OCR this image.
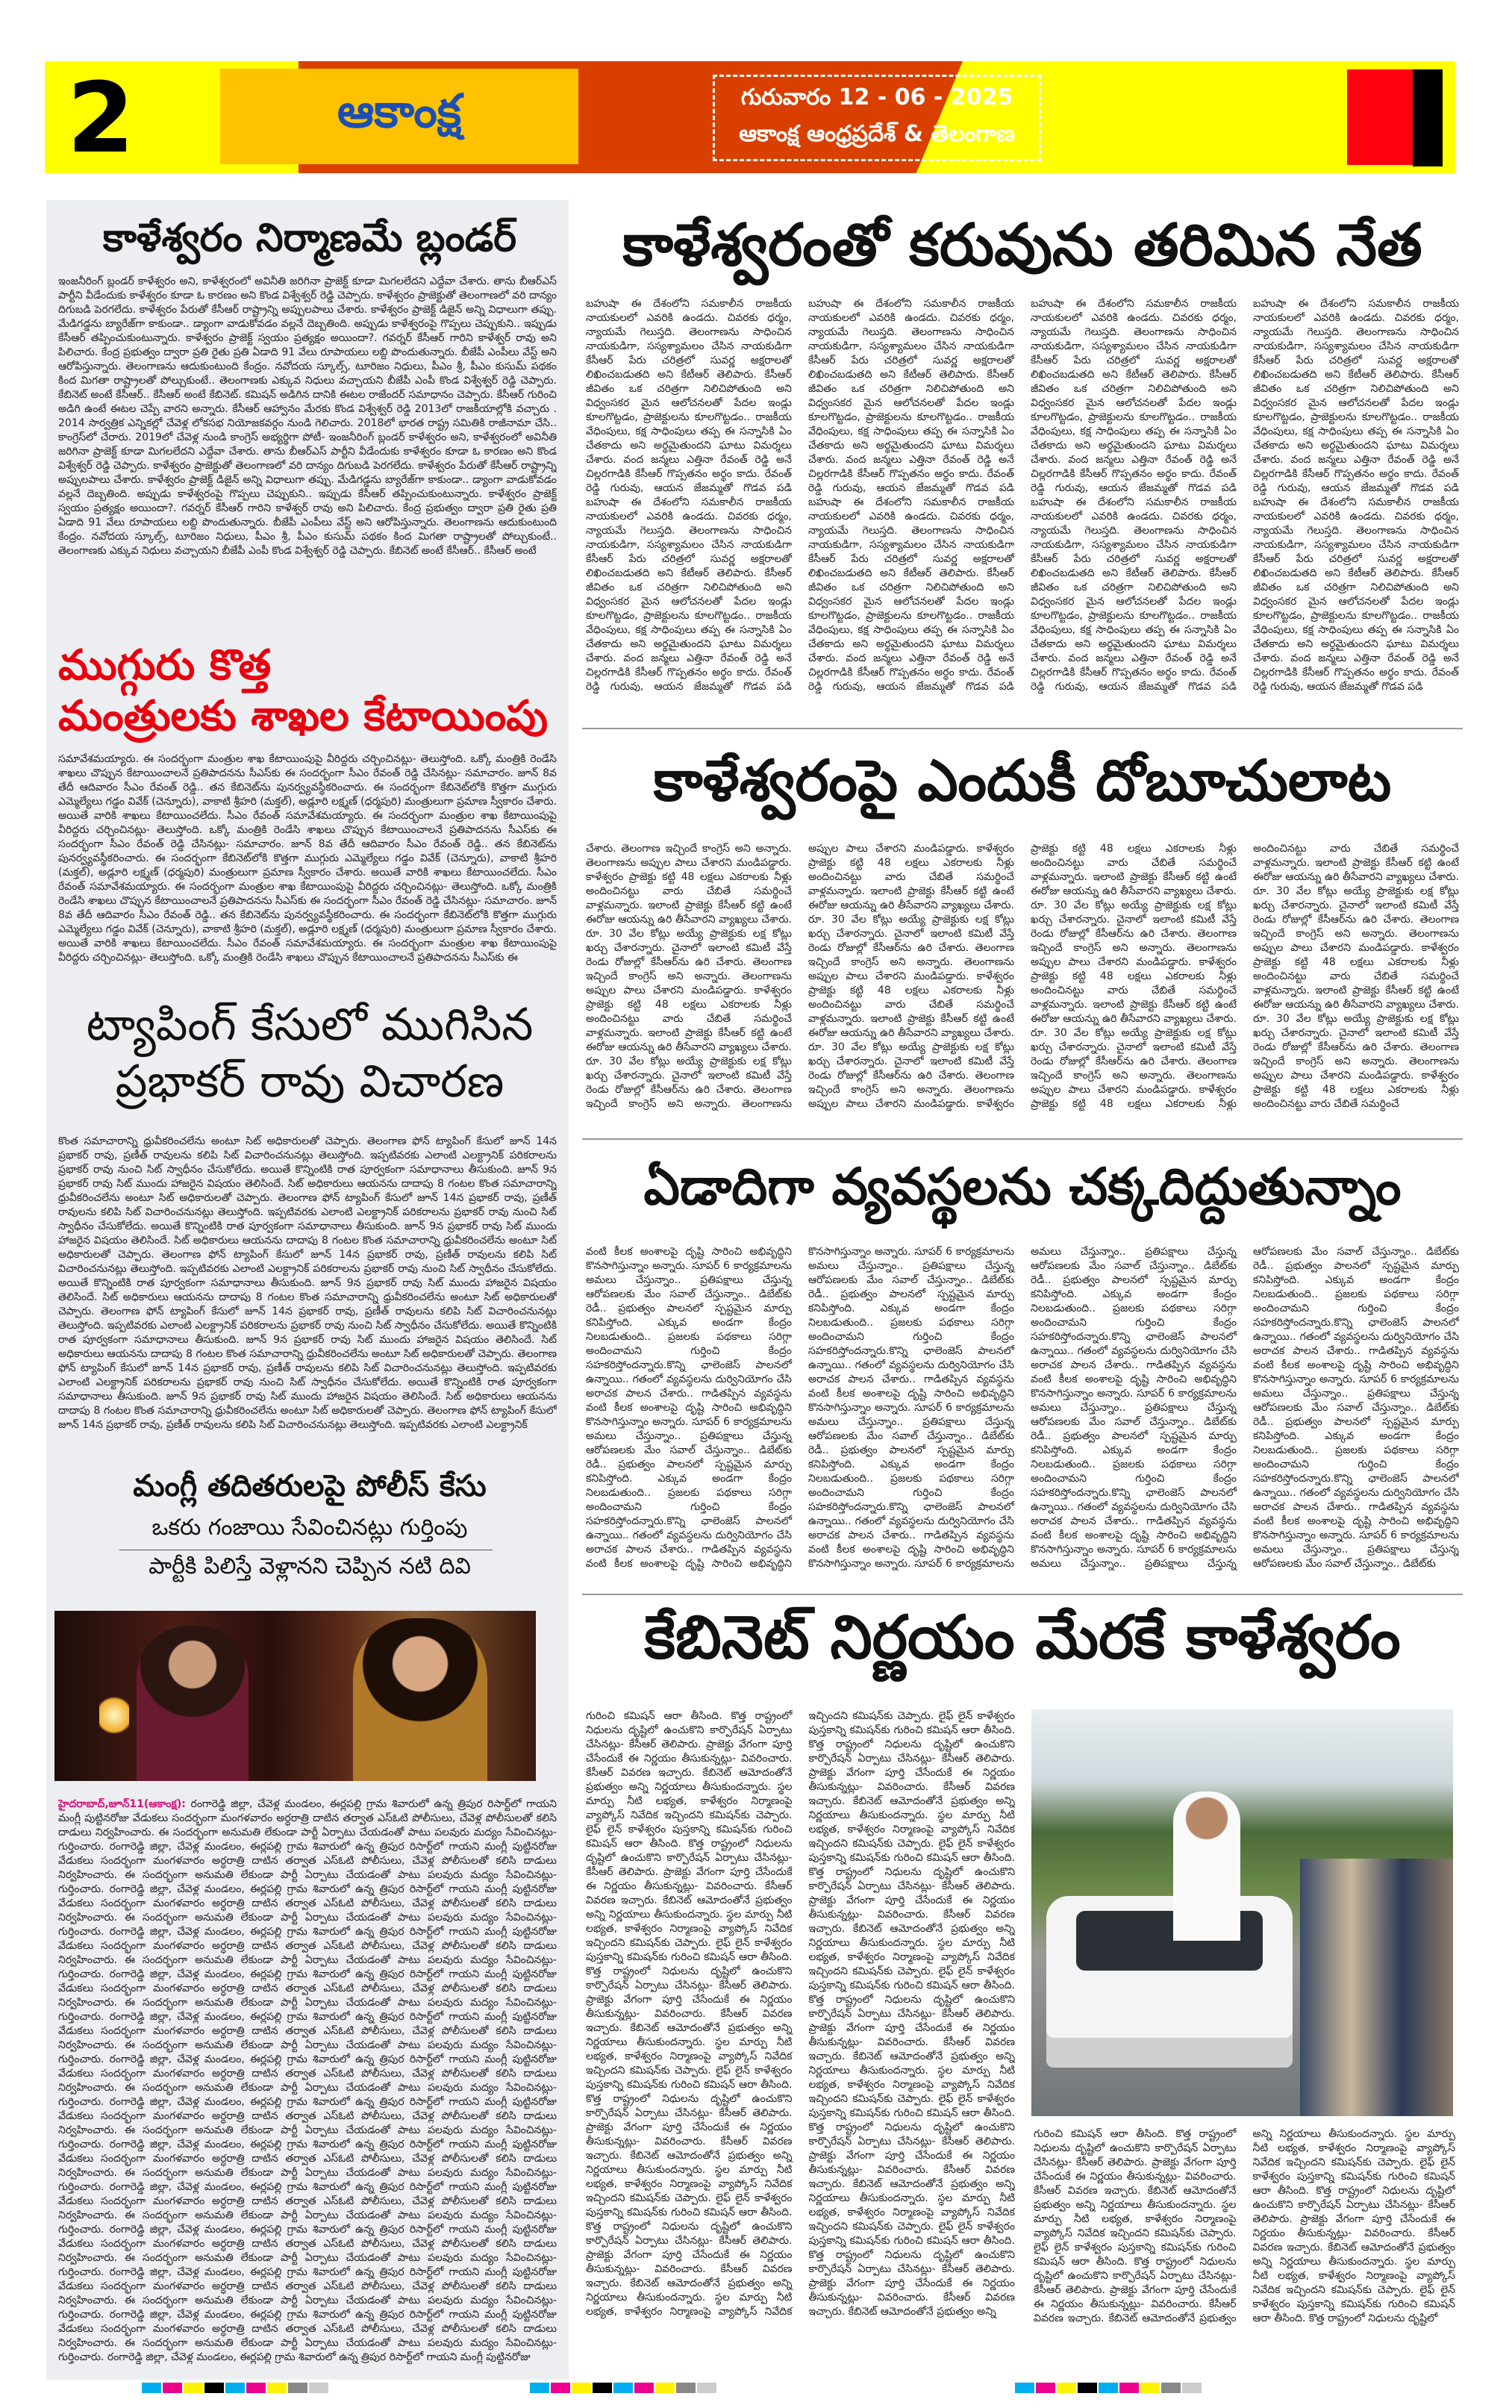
2	ఆకాంక్ష	గురువారం 12 - 06 - 2025
ఆకాంక్ష ఆంధ్రప్రదేశ్ & తెలంగాణ
కాళేశ్వరం నిర్మాణమే బ్లండర్
ఇంజనీరింగ్ బ్లండర్ కాళేశ్వరం అని, కాళేశ్వరంలో అవినీతి జరిగినా ప్రాజెక్ట్ కూడా మిగలలేదని ఎద్దేవా చేశారు. తాను బీఆర్ఎస్ పార్టీని వీడేందుకు కాళేశ్వరం కూడా ఓ కారణం అని కొండ విశ్వేశ్వర్ రెడ్డి చెప్పారు. కాళేశ్వరం ప్రాజెక్టుతో తెలంగాణలో వరి దాన్యం దిగుబడి పెరగలేదు. కాళేశ్వరం పేరుతో కేసీఆర్ రాష్ట్రాన్ని అప్పులపాలు చేశారు. కాళేశ్వరం ప్రాజెక్ట్ డిజైన్ అన్ని విధాలుగా తప్పు. మేడిగడ్డను బ్యారేజ్‌గా కాకుండా.. డ్యాంగా వాడుకోవడం వల్లనే దెబ్బతింది. అప్పుడు కాళేశ్వరంపై గొప్పలు చెప్పుకుని.. ఇప్పుడు కేసీఆర్ తప్పించుకుంటున్నారు. కాళేశ్వరం ప్రాజెక్ట్ స్వయం ప్రత్యక్షం అయిందా?. గవర్నర్ కేసీఆర్ గారిని కాళేశ్వర్ రావు అని పిలిచారు. కేంద్ర ప్రభుత్వం ద్వారా ప్రతి రైతు ప్రతి ఏడాది 91 వేలు రూపాయలు లబ్ది పొందుతున్నారు. బీజేపీ ఎంపీలు వేస్ట్ అని ఆరోపిస్తున్నారు. తెలంగాణను ఆదుకుంటుంది కేంద్రం. నవోదయ స్కూల్స్, టూరిజం నిధులు, పీఎం శ్రీ, పీఎం కుసుమ్ పథకం కింద మిగతా రాష్ట్రాలతో పోల్చుకుంటే.. తెలంగాణకు ఎక్కువ నిధులు వచ్చాయని బీజేపీ ఎంపీ కొండ విశ్వేశ్వర్ రెడ్డి చెప్పారు. కేబినెట్ అంటే కేసీఆర్.. కేసీఆర్ అంటే కేబినెట్. కమిషన్ అడిగిన దానికి ఈటల రాజేందర్ సమాధానం చెప్పారు. కేసీఆర్ గురించి అడిగి ఉంటే ఈటల చెప్పే వారని అన్నారు. కేసీఆర్ ఆహ్వానం మేరకు కొండ విశ్వేశ్వర్ రెడ్డి 2013లో రాజకీయాల్లోకి వచ్చారు . 2014 సార్వత్రిక ఎన్నికల్లో చేవెళ్ల లోకసభ నియోజకవర్గం నుండి గెలిచారు. 2018లో భారత రాష్ట్ర సమితికి రాజీనామా చేసి.. కాంగ్రెస్‌లో చేరారు. 2019లో చేవెళ్ల నుండి కాంగ్రెస్ అభ్యర్థిగా పోటీ- ఇంజనీరింగ్ బ్లండర్ కాళేశ్వరం అని, కాళేశ్వరంలో అవినీతి జరిగినా ప్రాజెక్ట్ కూడా మిగలలేదని ఎద్దేవా చేశారు. తాను బీఆర్ఎస్ పార్టీని వీడేందుకు కాళేశ్వరం కూడా ఓ కారణం అని కొండ విశ్వేశ్వర్ రెడ్డి చెప్పారు. కాళేశ్వరం ప్రాజెక్టుతో తెలంగాణలో వరి దాన్యం దిగుబడి పెరగలేదు. కాళేశ్వరం పేరుతో కేసీఆర్ రాష్ట్రాన్ని అప్పులపాలు చేశారు. కాళేశ్వరం ప్రాజెక్ట్ డిజైన్ అన్ని విధాలుగా తప్పు. మేడిగడ్డను బ్యారేజ్‌గా కాకుండా.. డ్యాంగా వాడుకోవడం వల్లనే దెబ్బతింది. అప్పుడు కాళేశ్వరంపై గొప్పలు చెప్పుకుని.. ఇప్పుడు కేసీఆర్ తప్పించుకుంటున్నారు. కాళేశ్వరం ప్రాజెక్ట్ స్వయం ప్రత్యక్షం అయిందా?. గవర్నర్ కేసీఆర్ గారిని కాళేశ్వర్ రావు అని పిలిచారు. కేంద్ర ప్రభుత్వం ద్వారా ప్రతి రైతు ప్రతి ఏడాది 91 వేలు రూపాయలు లబ్ది పొందుతున్నారు. బీజేపీ ఎంపీలు వేస్ట్ అని ఆరోపిస్తున్నారు. తెలంగాణను ఆదుకుంటుంది కేంద్రం. నవోదయ స్కూల్స్, టూరిజం నిధులు, పీఎం శ్రీ, పీఎం కుసుమ్ పథకం కింద మిగతా రాష్ట్రాలతో పోల్చుకుంటే.. తెలంగాణకు ఎక్కువ నిధులు వచ్చాయని బీజేపీ ఎంపీ కొండ విశ్వేశ్వర్ రెడ్డి చెప్పారు. కేబినెట్ అంటే కేసీఆర్.. కేసీఆర్ అంటే
ముగ్గురు కొత్త
మంత్రులకు శాఖల కేటాయింపు
సమావేశమయ్యారు. ఈ సందర్భంగా మంత్రుల శాఖ కేటాయింపుపై వీరిద్దరు చర్చించినట్లు- తెలుస్తోంది. ఒక్కో మంత్రికి రెండేసి శాఖలు చొప్పున కేటాయించాలనే ప్రతిపాదనను సీఎస్‌కు ఈ సందర్భంగా సీఎం రేవంత్ రెడ్డి చేసినట్లు- సమాచారం. జూన్ 8వ తేదీ ఆదివారం సీఎం రేవంత్ రెడ్డి.. తన కేబినెట్‌ను పునర్వ్యవస్థీకరించారు. ఈ సందర్భంగా కేబినెట్‌లోకి కొత్తగా ముగ్గురు ఎమ్మెల్యేలు గడ్డం వివేక్ (చెన్నూరు), వాకాటి శ్రీహరి (మక్తల్), అడ్లూరి లక్ష్మణ్ (ధర్మపురి) మంత్రులుగా ప్రమాణ స్వీకారం చేశారు. అయితే వారికి శాఖలు కేటాయించలేదు. సీఎం రేవంత్ సమావేశమయ్యారు. ఈ సందర్భంగా మంత్రుల శాఖ కేటాయింపుపై వీరిద్దరు చర్చించినట్లు- తెలుస్తోంది. ఒక్కో మంత్రికి రెండేసి శాఖలు చొప్పున కేటాయించాలనే ప్రతిపాదనను సీఎస్‌కు ఈ సందర్భంగా సీఎం రేవంత్ రెడ్డి చేసినట్లు- సమాచారం. జూన్ 8వ తేదీ ఆదివారం సీఎం రేవంత్ రెడ్డి.. తన కేబినెట్‌ను పునర్వ్యవస్థీకరించారు. ఈ సందర్భంగా కేబినెట్‌లోకి కొత్తగా ముగ్గురు ఎమ్మెల్యేలు గడ్డం వివేక్ (చెన్నూరు), వాకాటి శ్రీహరి (మక్తల్), అడ్లూరి లక్ష్మణ్ (ధర్మపురి) మంత్రులుగా ప్రమాణ స్వీకారం చేశారు. అయితే వారికి శాఖలు కేటాయించలేదు. సీఎం రేవంత్ సమావేశమయ్యారు. ఈ సందర్భంగా మంత్రుల శాఖ కేటాయింపుపై వీరిద్దరు చర్చించినట్లు- తెలుస్తోంది. ఒక్కో మంత్రికి రెండేసి శాఖలు చొప్పున కేటాయించాలనే ప్రతిపాదనను సీఎస్‌కు ఈ సందర్భంగా సీఎం రేవంత్ రెడ్డి చేసినట్లు- సమాచారం. జూన్ 8వ తేదీ ఆదివారం సీఎం రేవంత్ రెడ్డి.. తన కేబినెట్‌ను పునర్వ్యవస్థీకరించారు. ఈ సందర్భంగా కేబినెట్‌లోకి కొత్తగా ముగ్గురు ఎమ్మెల్యేలు గడ్డం వివేక్ (చెన్నూరు), వాకాటి శ్రీహరి (మక్తల్), అడ్లూరి లక్ష్మణ్ (ధర్మపురి) మంత్రులుగా ప్రమాణ స్వీకారం చేశారు. అయితే వారికి శాఖలు కేటాయించలేదు. సీఎం రేవంత్ సమావేశమయ్యారు. ఈ సందర్భంగా మంత్రుల శాఖ కేటాయింపుపై వీరిద్దరు చర్చించినట్లు- తెలుస్తోంది. ఒక్కో మంత్రికి రెండేసి శాఖలు చొప్పున కేటాయించాలనే ప్రతిపాదనను సీఎస్‌కు ఈ
ట్యాపింగ్ కేసులో ముగిసిన
ప్రభాకర్ రావు విచారణ
కొంత సమాచారాన్ని ధ్రువీకరించలేను అంటూ సిట్ అధికారులతో చెప్పారు. తెలంగాణ ఫోన్ ట్యాపింగ్ కేసులో జూన్ 14న ప్రభాకర్ రావు, ప్రణీత్ రావులను కలిపి సిట్ విచారించనునట్లు తెలుస్తోంది. ఇప్పటివరకు ఎలాంటి ఎలక్ట్రానిక్ పరికరాలను ప్రభాకర్ రావు నుంచి సిట్ స్వాధీనం చేసుకోలేదు. అయితే కొన్నింటికి రాత పూర్వకంగా సమాధానాలు తీసుకుంది. జూన్ 9న ప్రభాకర్ రావు సిట్ ముందు హాజరైన విషయం తెలిసిందే. సిట్ అధికారులు ఆయనను దాదాపు 8 గంటల కొంత సమాచారాన్ని ధ్రువీకరించలేను అంటూ సిట్ అధికారులతో చెప్పారు. తెలంగాణ ఫోన్ ట్యాపింగ్ కేసులో జూన్ 14న ప్రభాకర్ రావు, ప్రణీత్ రావులను కలిపి సిట్ విచారించనునట్లు తెలుస్తోంది. ఇప్పటివరకు ఎలాంటి ఎలక్ట్రానిక్ పరికరాలను ప్రభాకర్ రావు నుంచి సిట్ స్వాధీనం చేసుకోలేదు. అయితే కొన్నింటికి రాత పూర్వకంగా సమాధానాలు తీసుకుంది. జూన్ 9న ప్రభాకర్ రావు సిట్ ముందు హాజరైన విషయం తెలిసిందే. సిట్ అధికారులు ఆయనను దాదాపు 8 గంటల కొంత సమాచారాన్ని ధ్రువీకరించలేను అంటూ సిట్ అధికారులతో చెప్పారు. తెలంగాణ ఫోన్ ట్యాపింగ్ కేసులో జూన్ 14న ప్రభాకర్ రావు, ప్రణీత్ రావులను కలిపి సిట్ విచారించనునట్లు తెలుస్తోంది. ఇప్పటివరకు ఎలాంటి ఎలక్ట్రానిక్ పరికరాలను ప్రభాకర్ రావు నుంచి సిట్ స్వాధీనం చేసుకోలేదు. అయితే కొన్నింటికి రాత పూర్వకంగా సమాధానాలు తీసుకుంది. జూన్ 9న ప్రభాకర్ రావు సిట్ ముందు హాజరైన విషయం తెలిసిందే. సిట్ అధికారులు ఆయనను దాదాపు 8 గంటల కొంత సమాచారాన్ని ధ్రువీకరించలేను అంటూ సిట్ అధికారులతో చెప్పారు. తెలంగాణ ఫోన్ ట్యాపింగ్ కేసులో జూన్ 14న ప్రభాకర్ రావు, ప్రణీత్ రావులను కలిపి సిట్ విచారించనునట్లు తెలుస్తోంది. ఇప్పటివరకు ఎలాంటి ఎలక్ట్రానిక్ పరికరాలను ప్రభాకర్ రావు నుంచి సిట్ స్వాధీనం చేసుకోలేదు. అయితే కొన్నింటికి రాత పూర్వకంగా సమాధానాలు తీసుకుంది. జూన్ 9న ప్రభాకర్ రావు సిట్ ముందు హాజరైన విషయం తెలిసిందే. సిట్ అధికారులు ఆయనను దాదాపు 8 గంటల కొంత సమాచారాన్ని ధ్రువీకరించలేను అంటూ సిట్ అధికారులతో చెప్పారు. తెలంగాణ ఫోన్ ట్యాపింగ్ కేసులో జూన్ 14న ప్రభాకర్ రావు, ప్రణీత్ రావులను కలిపి సిట్ విచారించనునట్లు తెలుస్తోంది. ఇప్పటివరకు ఎలాంటి ఎలక్ట్రానిక్ పరికరాలను ప్రభాకర్ రావు నుంచి సిట్ స్వాధీనం చేసుకోలేదు. అయితే కొన్నింటికి రాత పూర్వకంగా సమాధానాలు తీసుకుంది. జూన్ 9న ప్రభాకర్ రావు సిట్ ముందు హాజరైన విషయం తెలిసిందే. సిట్ అధికారులు ఆయనను దాదాపు 8 గంటల కొంత సమాచారాన్ని ధ్రువీకరించలేను అంటూ సిట్ అధికారులతో చెప్పారు. తెలంగాణ ఫోన్ ట్యాపింగ్ కేసులో జూన్ 14న ప్రభాకర్ రావు, ప్రణీత్ రావులను కలిపి సిట్ విచారించనునట్లు తెలుస్తోంది. ఇప్పటివరకు ఎలాంటి ఎలక్ట్రానిక్
మంగ్లీ తదితరులపై పోలీస్ కేసు
ఒకరు గంజాయి సేవించినట్లు గుర్తింపు
పార్టీకి పిలిస్తే వెళ్లానని చెప్పిన నటి దివి
హైదరాబాద్,జూన్11(ఆకాంక్ష): రంగారెడ్డి జిల్లా, చేవెళ్ల మండలం, ఈర్లపల్లి గ్రామ శివారులో ఉన్న త్రిపుర రిసార్ట్‌లో గాయని మంగ్లీ పుట్టినరోజు వేడుకలు సందర్భంగా మంగళవారం అర్ధరాత్రి దాటిన తర్వాత ఎస్‌ఓటి పోలీసులు, చేవెళ్ల పోలీసులతో కలిసి దాడులు నిర్వహించారు. ఈ సందర్భంగా అనుమతి లేకుండా పార్టీ ఏర్పాటు చేయడంతో పాటు పలవురు మద్యం సేవించినట్లు- గుర్తించారు. రంగారెడ్డి జిల్లా, చేవెళ్ల మండలం, ఈర్లపల్లి గ్రామ శివారులో ఉన్న త్రిపుర రిసార్ట్‌లో గాయని మంగ్లీ పుట్టినరోజు వేడుకలు సందర్భంగా మంగళవారం అర్ధరాత్రి దాటిన తర్వాత ఎస్‌ఓటి పోలీసులు, చేవెళ్ల పోలీసులతో కలిసి దాడులు నిర్వహించారు. ఈ సందర్భంగా అనుమతి లేకుండా పార్టీ ఏర్పాటు చేయడంతో పాటు పలవురు మద్యం సేవించినట్లు- గుర్తించారు. రంగారెడ్డి జిల్లా, చేవెళ్ల మండలం, ఈర్లపల్లి గ్రామ శివారులో ఉన్న త్రిపుర రిసార్ట్‌లో గాయని మంగ్లీ పుట్టినరోజు వేడుకలు సందర్భంగా మంగళవారం అర్ధరాత్రి దాటిన తర్వాత ఎస్‌ఓటి పోలీసులు, చేవెళ్ల పోలీసులతో కలిసి దాడులు నిర్వహించారు. ఈ సందర్భంగా అనుమతి లేకుండా పార్టీ ఏర్పాటు చేయడంతో పాటు పలవురు మద్యం సేవించినట్లు- గుర్తించారు. రంగారెడ్డి జిల్లా, చేవెళ్ల మండలం, ఈర్లపల్లి గ్రామ శివారులో ఉన్న త్రిపుర రిసార్ట్‌లో గాయని మంగ్లీ పుట్టినరోజు వేడుకలు సందర్భంగా మంగళవారం అర్ధరాత్రి దాటిన తర్వాత ఎస్‌ఓటి పోలీసులు, చేవెళ్ల పోలీసులతో కలిసి దాడులు నిర్వహించారు. ఈ సందర్భంగా అనుమతి లేకుండా పార్టీ ఏర్పాటు చేయడంతో పాటు పలవురు మద్యం సేవించినట్లు- గుర్తించారు. రంగారెడ్డి జిల్లా, చేవెళ్ల మండలం, ఈర్లపల్లి గ్రామ శివారులో ఉన్న త్రిపుర రిసార్ట్‌లో గాయని మంగ్లీ పుట్టినరోజు వేడుకలు సందర్భంగా మంగళవారం అర్ధరాత్రి దాటిన తర్వాత ఎస్‌ఓటి పోలీసులు, చేవెళ్ల పోలీసులతో కలిసి దాడులు నిర్వహించారు. ఈ సందర్భంగా అనుమతి లేకుండా పార్టీ ఏర్పాటు చేయడంతో పాటు పలవురు మద్యం సేవించినట్లు- గుర్తించారు. రంగారెడ్డి జిల్లా, చేవెళ్ల మండలం, ఈర్లపల్లి గ్రామ శివారులో ఉన్న త్రిపుర రిసార్ట్‌లో గాయని మంగ్లీ పుట్టినరోజు వేడుకలు సందర్భంగా మంగళవారం అర్ధరాత్రి దాటిన తర్వాత ఎస్‌ఓటి పోలీసులు, చేవెళ్ల పోలీసులతో కలిసి దాడులు నిర్వహించారు. ఈ సందర్భంగా అనుమతి లేకుండా పార్టీ ఏర్పాటు చేయడంతో పాటు పలవురు మద్యం సేవించినట్లు- గుర్తించారు. రంగారెడ్డి జిల్లా, చేవెళ్ల మండలం, ఈర్లపల్లి గ్రామ శివారులో ఉన్న త్రిపుర రిసార్ట్‌లో గాయని మంగ్లీ పుట్టినరోజు వేడుకలు సందర్భంగా మంగళవారం అర్ధరాత్రి దాటిన తర్వాత ఎస్‌ఓటి పోలీసులు, చేవెళ్ల పోలీసులతో కలిసి దాడులు నిర్వహించారు. ఈ సందర్భంగా అనుమతి లేకుండా పార్టీ ఏర్పాటు చేయడంతో పాటు పలవురు మద్యం సేవించినట్లు- గుర్తించారు. రంగారెడ్డి జిల్లా, చేవెళ్ల మండలం, ఈర్లపల్లి గ్రామ శివారులో ఉన్న త్రిపుర రిసార్ట్‌లో గాయని మంగ్లీ పుట్టినరోజు వేడుకలు సందర్భంగా మంగళవారం అర్ధరాత్రి దాటిన తర్వాత ఎస్‌ఓటి పోలీసులు, చేవెళ్ల పోలీసులతో కలిసి దాడులు నిర్వహించారు. ఈ సందర్భంగా అనుమతి లేకుండా పార్టీ ఏర్పాటు చేయడంతో పాటు పలవురు మద్యం సేవించినట్లు- గుర్తించారు. రంగారెడ్డి జిల్లా, చేవెళ్ల మండలం, ఈర్లపల్లి గ్రామ శివారులో ఉన్న త్రిపుర రిసార్ట్‌లో గాయని మంగ్లీ పుట్టినరోజు వేడుకలు సందర్భంగా మంగళవారం అర్ధరాత్రి దాటిన తర్వాత ఎస్‌ఓటి పోలీసులు, చేవెళ్ల పోలీసులతో కలిసి దాడులు నిర్వహించారు. ఈ సందర్భంగా అనుమతి లేకుండా పార్టీ ఏర్పాటు చేయడంతో పాటు పలవురు మద్యం సేవించినట్లు- గుర్తించారు. రంగారెడ్డి జిల్లా, చేవెళ్ల మండలం, ఈర్లపల్లి గ్రామ శివారులో ఉన్న త్రిపుర రిసార్ట్‌లో గాయని మంగ్లీ పుట్టినరోజు వేడుకలు సందర్భంగా మంగళవారం అర్ధరాత్రి దాటిన తర్వాత ఎస్‌ఓటి పోలీసులు, చేవెళ్ల పోలీసులతో కలిసి దాడులు నిర్వహించారు. ఈ సందర్భంగా అనుమతి లేకుండా పార్టీ ఏర్పాటు చేయడంతో పాటు పలవురు మద్యం సేవించినట్లు- గుర్తించారు. రంగారెడ్డి జిల్లా, చేవెళ్ల మండలం, ఈర్లపల్లి గ్రామ శివారులో ఉన్న త్రిపుర రిసార్ట్‌లో గాయని మంగ్లీ పుట్టినరోజు వేడుకలు సందర్భంగా మంగళవారం అర్ధరాత్రి దాటిన తర్వాత ఎస్‌ఓటి పోలీసులు, చేవెళ్ల పోలీసులతో కలిసి దాడులు నిర్వహించారు. ఈ సందర్భంగా అనుమతి లేకుండా పార్టీ ఏర్పాటు చేయడంతో పాటు పలవురు మద్యం సేవించినట్లు- గుర్తించారు. రంగారెడ్డి జిల్లా, చేవెళ్ల మండలం, ఈర్లపల్లి గ్రామ శివారులో ఉన్న త్రిపుర రిసార్ట్‌లో గాయని మంగ్లీ పుట్టినరోజు వేడుకలు సందర్భంగా మంగళవారం అర్ధరాత్రి దాటిన తర్వాత ఎస్‌ఓటి పోలీసులు, చేవెళ్ల పోలీసులతో కలిసి దాడులు నిర్వహించారు. ఈ సందర్భంగా అనుమతి లేకుండా పార్టీ ఏర్పాటు చేయడంతో పాటు పలవురు మద్యం సేవించినట్లు- గుర్తించారు. రంగారెడ్డి జిల్లా, చేవెళ్ల మండలం, ఈర్లపల్లి గ్రామ శివారులో ఉన్న త్రిపుర రిసార్ట్‌లో గాయని మంగ్లీ పుట్టినరోజు వేడుకలు సందర్భంగా మంగళవారం అర్ధరాత్రి దాటిన తర్వాత ఎస్‌ఓటి పోలీసులు, చేవెళ్ల పోలీసులతో కలిసి దాడులు నిర్వహించారు. ఈ సందర్భంగా అనుమతి లేకుండా పార్టీ ఏర్పాటు చేయడంతో పాటు పలవురు మద్యం సేవించినట్లు- గుర్తించారు. రంగారెడ్డి జిల్లా, చేవెళ్ల మండలం, ఈర్లపల్లి గ్రామ శివారులో ఉన్న త్రిపుర రిసార్ట్‌లో గాయని మంగ్లీ పుట్టినరోజు
కాళేశ్వరంతో కరువును తరిమిన నేత
బహుషా ఈ దేశంలోని సమకాలీన రాజకీయ నాయకులలో ఎవరికి ఉండదు. చివరకు ధర్మం, న్యాయమే గెలుస్తది. తెలంగాణను సాధించిన నాయకుడిగా, సస్యశ్యామలం చేసిన నాయకుడిగా కేసీఆర్ పేరు చరిత్రలో సువర్ణ అక్షరాలతో లిఖించబడుతది అని కేటీఆర్ తెలిపారు. కేసీఆర్ జీవితం ఒక చరిత్రగా నిలిచిపోతుంది అని విధ్వంసకర మైన ఆలోచనలతో పేదల ఇండ్లు కూలగొట్టడం, ప్రాజెక్టులను కూలగొట్టడం.. రాజకీయ వేధింపులు, కక్ష సాధింపులు తప్ప ఈ సన్నాసికి ఏం చేతకాదు అని అర్థమైతుందని ఘాటు విమర్శలు చేశారు. వంద జన్మలు ఎత్తినా రేవంత్ రెడ్డి అనే చిల్లరగాడికి కేసీఆర్ గొప్పతనం అర్థం కాదు. రేవంత్ రెడ్డి గురువు, ఆయన జేజమ్మతో గొడవ పడి బహుషా ఈ దేశంలోని సమకాలీన రాజకీయ నాయకులలో ఎవరికి ఉండదు. చివరకు ధర్మం, న్యాయమే గెలుస్తది. తెలంగాణను సాధించిన నాయకుడిగా, సస్యశ్యామలం చేసిన నాయకుడిగా కేసీఆర్ పేరు చరిత్రలో సువర్ణ అక్షరాలతో లిఖించబడుతది అని కేటీఆర్ తెలిపారు. కేసీఆర్ జీవితం ఒక చరిత్రగా నిలిచిపోతుంది అని విధ్వంసకర మైన ఆలోచనలతో పేదల ఇండ్లు కూలగొట్టడం, ప్రాజెక్టులను కూలగొట్టడం.. రాజకీయ వేధింపులు, కక్ష సాధింపులు తప్ప ఈ సన్నాసికి ఏం చేతకాదు అని అర్థమైతుందని ఘాటు విమర్శలు చేశారు. వంద జన్మలు ఎత్తినా రేవంత్ రెడ్డి అనే చిల్లరగాడికి కేసీఆర్ గొప్పతనం అర్థం కాదు. రేవంత్ రెడ్డి గురువు, ఆయన జేజమ్మతో గొడవ పడి బహుషా ఈ దేశంలోని సమకాలీన రాజకీయ నాయకులలో ఎవరికి ఉండదు. చివరకు ధర్మం, న్యాయమే గెలుస్తది. తెలంగాణను సాధించిన నాయకుడిగా, సస్యశ్యామలం చేసిన నాయకుడిగా కేసీఆర్ పేరు చరిత్రలో సువర్ణ అక్షరాలతో లిఖించబడుతది అని కేటీఆర్ తెలిపారు. కేసీఆర్ జీవితం ఒక చరిత్రగా నిలిచిపోతుంది అని విధ్వంసకర మైన ఆలోచనలతో పేదల ఇండ్లు కూలగొట్టడం, ప్రాజెక్టులను కూలగొట్టడం.. రాజకీయ వేధింపులు, కక్ష సాధింపులు తప్ప ఈ సన్నాసికి ఏం చేతకాదు అని అర్థమైతుందని ఘాటు విమర్శలు చేశారు. వంద జన్మలు ఎత్తినా రేవంత్ రెడ్డి అనే చిల్లరగాడికి కేసీఆర్ గొప్పతనం అర్థం కాదు. రేవంత్ రెడ్డి గురువు, ఆయన జేజమ్మతో గొడవ పడి బహుషా ఈ దేశంలోని సమకాలీన రాజకీయ నాయకులలో ఎవరికి ఉండదు. చివరకు ధర్మం, న్యాయమే గెలుస్తది. తెలంగాణను సాధించిన నాయకుడిగా, సస్యశ్యామలం చేసిన నాయకుడిగా కేసీఆర్ పేరు చరిత్రలో సువర్ణ అక్షరాలతో లిఖించబడుతది అని కేటీఆర్ తెలిపారు. కేసీఆర్ జీవితం ఒక చరిత్రగా నిలిచిపోతుంది అని విధ్వంసకర మైన ఆలోచనలతో పేదల ఇండ్లు కూలగొట్టడం, ప్రాజెక్టులను కూలగొట్టడం.. రాజకీయ వేధింపులు, కక్ష సాధింపులు తప్ప ఈ సన్నాసికి ఏం చేతకాదు అని అర్థమైతుందని ఘాటు విమర్శలు చేశారు. వంద జన్మలు ఎత్తినా రేవంత్ రెడ్డి అనే చిల్లరగాడికి కేసీఆర్ గొప్పతనం అర్థం కాదు. రేవంత్ రెడ్డి గురువు, ఆయన జేజమ్మతో గొడవ పడి బహుషా ఈ దేశంలోని సమకాలీన రాజకీయ నాయకులలో ఎవరికి ఉండదు. చివరకు ధర్మం, న్యాయమే గెలుస్తది. తెలంగాణను సాధించిన నాయకుడిగా, సస్యశ్యామలం చేసిన నాయకుడిగా కేసీఆర్ పేరు చరిత్రలో సువర్ణ అక్షరాలతో లిఖించబడుతది అని కేటీఆర్ తెలిపారు. కేసీఆర్ జీవితం ఒక చరిత్రగా నిలిచిపోతుంది అని విధ్వంసకర మైన ఆలోచనలతో పేదల ఇండ్లు కూలగొట్టడం, ప్రాజెక్టులను కూలగొట్టడం.. రాజకీయ వేధింపులు, కక్ష సాధింపులు తప్ప ఈ సన్నాసికి ఏం చేతకాదు అని అర్థమైతుందని ఘాటు విమర్శలు చేశారు. వంద జన్మలు ఎత్తినా రేవంత్ రెడ్డి అనే చిల్లరగాడికి కేసీఆర్ గొప్పతనం అర్థం కాదు. రేవంత్ రెడ్డి గురువు, ఆయన జేజమ్మతో గొడవ పడి బహుషా ఈ దేశంలోని సమకాలీన రాజకీయ నాయకులలో ఎవరికి ఉండదు. చివరకు ధర్మం, న్యాయమే గెలుస్తది. తెలంగాణను సాధించిన నాయకుడిగా, సస్యశ్యామలం చేసిన నాయకుడిగా కేసీఆర్ పేరు చరిత్రలో సువర్ణ అక్షరాలతో లిఖించబడుతది అని కేటీఆర్ తెలిపారు. కేసీఆర్ జీవితం ఒక చరిత్రగా నిలిచిపోతుంది అని విధ్వంసకర మైన ఆలోచనలతో పేదల ఇండ్లు కూలగొట్టడం, ప్రాజెక్టులను కూలగొట్టడం.. రాజకీయ వేధింపులు, కక్ష సాధింపులు తప్ప ఈ సన్నాసికి ఏం చేతకాదు అని అర్థమైతుందని ఘాటు విమర్శలు చేశారు. వంద జన్మలు ఎత్తినా రేవంత్ రెడ్డి అనే చిల్లరగాడికి కేసీఆర్ గొప్పతనం అర్థం కాదు. రేవంత్ రెడ్డి గురువు, ఆయన జేజమ్మతో గొడవ పడి బహుషా ఈ దేశంలోని సమకాలీన రాజకీయ నాయకులలో ఎవరికి ఉండదు. చివరకు ధర్మం, న్యాయమే గెలుస్తది. తెలంగాణను సాధించిన నాయకుడిగా, సస్యశ్యామలం చేసిన నాయకుడిగా కేసీఆర్ పేరు చరిత్రలో సువర్ణ అక్షరాలతో లిఖించబడుతది అని కేటీఆర్ తెలిపారు. కేసీఆర్ జీవితం ఒక చరిత్రగా నిలిచిపోతుంది అని విధ్వంసకర మైన ఆలోచనలతో పేదల ఇండ్లు కూలగొట్టడం, ప్రాజెక్టులను కూలగొట్టడం.. రాజకీయ వేధింపులు, కక్ష సాధింపులు తప్ప ఈ సన్నాసికి ఏం చేతకాదు అని అర్థమైతుందని ఘాటు విమర్శలు చేశారు. వంద జన్మలు ఎత్తినా రేవంత్ రెడ్డి అనే చిల్లరగాడికి కేసీఆర్ గొప్పతనం అర్థం కాదు. రేవంత్ రెడ్డి గురువు, ఆయన జేజమ్మతో గొడవ పడి బహుషా ఈ దేశంలోని సమకాలీన రాజకీయ నాయకులలో ఎవరికి ఉండదు. చివరకు ధర్మం, న్యాయమే గెలుస్తది. తెలంగాణను సాధించిన నాయకుడిగా, సస్యశ్యామలం చేసిన నాయకుడిగా కేసీఆర్ పేరు చరిత్రలో సువర్ణ అక్షరాలతో లిఖించబడుతది అని కేటీఆర్ తెలిపారు. కేసీఆర్ జీవితం ఒక చరిత్రగా నిలిచిపోతుంది అని విధ్వంసకర మైన ఆలోచనలతో పేదల ఇండ్లు కూలగొట్టడం, ప్రాజెక్టులను కూలగొట్టడం.. రాజకీయ వేధింపులు, కక్ష సాధింపులు తప్ప ఈ సన్నాసికి ఏం చేతకాదు అని అర్థమైతుందని ఘాటు విమర్శలు చేశారు. వంద జన్మలు ఎత్తినా రేవంత్ రెడ్డి అనే చిల్లరగాడికి కేసీఆర్ గొప్పతనం అర్థం కాదు. రేవంత్ రెడ్డి గురువు, ఆయన జేజమ్మతో గొడవ పడి
కాళేశ్వరంపై ఎందుకీ దోబూచులాట
చేశారు. తెలంగాణ ఇచ్చిందే కాంగ్రెస్ అని అన్నారు. తెలంగాణను అప్పుల పాలు చేశారని మండిపడ్డారు. కాళేశ్వరం ప్రాజెక్టు కట్టి 48 లక్షలు ఎకరాలకు నీళ్లు అందించినట్టు వారు చేబితే సమర్థించే వాళ్లమన్నారు. ఇలాంటి ప్రాజెక్టు కేసీఆర్ కట్టి ఉంటే ఈరోజు ఆయన్ను ఉరి తీసేవారని వ్యాఖ్యలు చేశారు. రూ. 30 వేల కోట్లు అయ్యే ప్రాజెక్టుకు లక్ష కోట్లు ఖర్చు చేశారన్నారు. చైనాలో ఇలాంటి కమిటీ వేస్తే రెండు రోజుల్లో కేసీఆర్‌ను ఉరి చేశారు. తెలంగాణ ఇచ్చిందే కాంగ్రెస్ అని అన్నారు. తెలంగాణను అప్పుల పాలు చేశారని మండిపడ్డారు. కాళేశ్వరం ప్రాజెక్టు కట్టి 48 లక్షలు ఎకరాలకు నీళ్లు అందించినట్టు వారు చేబితే సమర్థించే వాళ్లమన్నారు. ఇలాంటి ప్రాజెక్టు కేసీఆర్ కట్టి ఉంటే ఈరోజు ఆయన్ను ఉరి తీసేవారని వ్యాఖ్యలు చేశారు. రూ. 30 వేల కోట్లు అయ్యే ప్రాజెక్టుకు లక్ష కోట్లు ఖర్చు చేశారన్నారు. చైనాలో ఇలాంటి కమిటీ వేస్తే రెండు రోజుల్లో కేసీఆర్‌ను ఉరి చేశారు. తెలంగాణ ఇచ్చిందే కాంగ్రెస్ అని అన్నారు. తెలంగాణను అప్పుల పాలు చేశారని మండిపడ్డారు. కాళేశ్వరం ప్రాజెక్టు కట్టి 48 లక్షలు ఎకరాలకు నీళ్లు అందించినట్టు వారు చేబితే సమర్థించే వాళ్లమన్నారు. ఇలాంటి ప్రాజెక్టు కేసీఆర్ కట్టి ఉంటే ఈరోజు ఆయన్ను ఉరి తీసేవారని వ్యాఖ్యలు చేశారు. రూ. 30 వేల కోట్లు అయ్యే ప్రాజెక్టుకు లక్ష కోట్లు ఖర్చు చేశారన్నారు. చైనాలో ఇలాంటి కమిటీ వేస్తే రెండు రోజుల్లో కేసీఆర్‌ను ఉరి చేశారు. తెలంగాణ ఇచ్చిందే కాంగ్రెస్ అని అన్నారు. తెలంగాణను అప్పుల పాలు చేశారని మండిపడ్డారు. కాళేశ్వరం ప్రాజెక్టు కట్టి 48 లక్షలు ఎకరాలకు నీళ్లు అందించినట్టు వారు చేబితే సమర్థించే వాళ్లమన్నారు. ఇలాంటి ప్రాజెక్టు కేసీఆర్ కట్టి ఉంటే ఈరోజు ఆయన్ను ఉరి తీసేవారని వ్యాఖ్యలు చేశారు. రూ. 30 వేల కోట్లు అయ్యే ప్రాజెక్టుకు లక్ష కోట్లు ఖర్చు చేశారన్నారు. చైనాలో ఇలాంటి కమిటీ వేస్తే రెండు రోజుల్లో కేసీఆర్‌ను ఉరి చేశారు. తెలంగాణ ఇచ్చిందే కాంగ్రెస్ అని అన్నారు. తెలంగాణను అప్పుల పాలు చేశారని మండిపడ్డారు. కాళేశ్వరం ప్రాజెక్టు కట్టి 48 లక్షలు ఎకరాలకు నీళ్లు అందించినట్టు వారు చేబితే సమర్థించే వాళ్లమన్నారు. ఇలాంటి ప్రాజెక్టు కేసీఆర్ కట్టి ఉంటే ఈరోజు ఆయన్ను ఉరి తీసేవారని వ్యాఖ్యలు చేశారు. రూ. 30 వేల కోట్లు అయ్యే ప్రాజెక్టుకు లక్ష కోట్లు ఖర్చు చేశారన్నారు. చైనాలో ఇలాంటి కమిటీ వేస్తే రెండు రోజుల్లో కేసీఆర్‌ను ఉరి చేశారు. తెలంగాణ ఇచ్చిందే కాంగ్రెస్ అని అన్నారు. తెలంగాణను అప్పుల పాలు చేశారని మండిపడ్డారు. కాళేశ్వరం ప్రాజెక్టు కట్టి 48 లక్షలు ఎకరాలకు నీళ్లు అందించినట్టు వారు చేబితే సమర్థించే వాళ్లమన్నారు. ఇలాంటి ప్రాజెక్టు కేసీఆర్ కట్టి ఉంటే ఈరోజు ఆయన్ను ఉరి తీసేవారని వ్యాఖ్యలు చేశారు. రూ. 30 వేల కోట్లు అయ్యే ప్రాజెక్టుకు లక్ష కోట్లు ఖర్చు చేశారన్నారు. చైనాలో ఇలాంటి కమిటీ వేస్తే రెండు రోజుల్లో కేసీఆర్‌ను ఉరి చేశారు. తెలంగాణ ఇచ్చిందే కాంగ్రెస్ అని అన్నారు. తెలంగాణను అప్పుల పాలు చేశారని మండిపడ్డారు. కాళేశ్వరం ప్రాజెక్టు కట్టి 48 లక్షలు ఎకరాలకు నీళ్లు అందించినట్టు వారు చేబితే సమర్థించే వాళ్లమన్నారు. ఇలాంటి ప్రాజెక్టు కేసీఆర్ కట్టి ఉంటే ఈరోజు ఆయన్ను ఉరి తీసేవారని వ్యాఖ్యలు చేశారు. రూ. 30 వేల కోట్లు అయ్యే ప్రాజెక్టుకు లక్ష కోట్లు ఖర్చు చేశారన్నారు. చైనాలో ఇలాంటి కమిటీ వేస్తే రెండు రోజుల్లో కేసీఆర్‌ను ఉరి చేశారు. తెలంగాణ ఇచ్చిందే కాంగ్రెస్ అని అన్నారు. తెలంగాణను అప్పుల పాలు చేశారని మండిపడ్డారు. కాళేశ్వరం ప్రాజెక్టు కట్టి 48 లక్షలు ఎకరాలకు నీళ్లు అందించినట్టు వారు చేబితే సమర్థించే వాళ్లమన్నారు. ఇలాంటి ప్రాజెక్టు కేసీఆర్ కట్టి ఉంటే ఈరోజు ఆయన్ను ఉరి తీసేవారని వ్యాఖ్యలు చేశారు. రూ. 30 వేల కోట్లు అయ్యే ప్రాజెక్టుకు లక్ష కోట్లు ఖర్చు చేశారన్నారు. చైనాలో ఇలాంటి కమిటీ వేస్తే రెండు రోజుల్లో కేసీఆర్‌ను ఉరి చేశారు. తెలంగాణ ఇచ్చిందే కాంగ్రెస్ అని అన్నారు. తెలంగాణను అప్పుల పాలు చేశారని మండిపడ్డారు. కాళేశ్వరం ప్రాజెక్టు కట్టి 48 లక్షలు ఎకరాలకు నీళ్లు అందించినట్టు వారు చేబితే సమర్థించే
ఏడాదిగా వ్యవస్థలను చక్కదిద్దుతున్నాం
వంటి కీలక అంశాలపై దృష్టి సారించి అభివృద్ధిని కొనసాగిస్తున్నాం అన్నారు. సూపర్ 6 కార్యక్రమాలను అమలు చేస్తున్నాం.. ప్రతిపక్షాలు చేస్తున్న ఆరోపణలకు మేం సవాల్ చేస్తున్నాం.. డిబేట్‌కు రెడీ.. ప్రభుత్వం పాలనలో స్పష్టమైన మార్పు కనిపిస్తోంది. ఎక్కువ అండగా కేంద్రం నిలబడుతుంది.. ప్రజలకు పథకాలు సరిగ్గా అందించామని గుర్తించి కేంద్రం సహకరిస్తోందన్నారు.కొన్ని ఛాలెంజెస్ పాలనలో ఉన్నాయి.. గతంలో వ్యవస్థలను దుర్వినియోగం చేసి అరాచక పాలన చేశారు.. గాడితప్పిన వ్యవస్థను వంటి కీలక అంశాలపై దృష్టి సారించి అభివృద్ధిని కొనసాగిస్తున్నాం అన్నారు. సూపర్ 6 కార్యక్రమాలను అమలు చేస్తున్నాం.. ప్రతిపక్షాలు చేస్తున్న ఆరోపణలకు మేం సవాల్ చేస్తున్నాం.. డిబేట్‌కు రెడీ.. ప్రభుత్వం పాలనలో స్పష్టమైన మార్పు కనిపిస్తోంది. ఎక్కువ అండగా కేంద్రం నిలబడుతుంది.. ప్రజలకు పథకాలు సరిగ్గా అందించామని గుర్తించి కేంద్రం సహకరిస్తోందన్నారు.కొన్ని ఛాలెంజెస్ పాలనలో ఉన్నాయి.. గతంలో వ్యవస్థలను దుర్వినియోగం చేసి అరాచక పాలన చేశారు.. గాడితప్పిన వ్యవస్థను వంటి కీలక అంశాలపై దృష్టి సారించి అభివృద్ధిని కొనసాగిస్తున్నాం అన్నారు. సూపర్ 6 కార్యక్రమాలను అమలు చేస్తున్నాం.. ప్రతిపక్షాలు చేస్తున్న ఆరోపణలకు మేం సవాల్ చేస్తున్నాం.. డిబేట్‌కు రెడీ.. ప్రభుత్వం పాలనలో స్పష్టమైన మార్పు కనిపిస్తోంది. ఎక్కువ అండగా కేంద్రం నిలబడుతుంది.. ప్రజలకు పథకాలు సరిగ్గా అందించామని గుర్తించి కేంద్రం సహకరిస్తోందన్నారు.కొన్ని ఛాలెంజెస్ పాలనలో ఉన్నాయి.. గతంలో వ్యవస్థలను దుర్వినియోగం చేసి అరాచక పాలన చేశారు.. గాడితప్పిన వ్యవస్థను వంటి కీలక అంశాలపై దృష్టి సారించి అభివృద్ధిని కొనసాగిస్తున్నాం అన్నారు. సూపర్ 6 కార్యక్రమాలను అమలు చేస్తున్నాం.. ప్రతిపక్షాలు చేస్తున్న ఆరోపణలకు మేం సవాల్ చేస్తున్నాం.. డిబేట్‌కు రెడీ.. ప్రభుత్వం పాలనలో స్పష్టమైన మార్పు కనిపిస్తోంది. ఎక్కువ అండగా కేంద్రం నిలబడుతుంది.. ప్రజలకు పథకాలు సరిగ్గా అందించామని గుర్తించి కేంద్రం సహకరిస్తోందన్నారు.కొన్ని ఛాలెంజెస్ పాలనలో ఉన్నాయి.. గతంలో వ్యవస్థలను దుర్వినియోగం చేసి అరాచక పాలన చేశారు.. గాడితప్పిన వ్యవస్థను వంటి కీలక అంశాలపై దృష్టి సారించి అభివృద్ధిని కొనసాగిస్తున్నాం అన్నారు. సూపర్ 6 కార్యక్రమాలను అమలు చేస్తున్నాం.. ప్రతిపక్షాలు చేస్తున్న ఆరోపణలకు మేం సవాల్ చేస్తున్నాం.. డిబేట్‌కు రెడీ.. ప్రభుత్వం పాలనలో స్పష్టమైన మార్పు కనిపిస్తోంది. ఎక్కువ అండగా కేంద్రం నిలబడుతుంది.. ప్రజలకు పథకాలు సరిగ్గా అందించామని గుర్తించి కేంద్రం సహకరిస్తోందన్నారు.కొన్ని ఛాలెంజెస్ పాలనలో ఉన్నాయి.. గతంలో వ్యవస్థలను దుర్వినియోగం చేసి అరాచక పాలన చేశారు.. గాడితప్పిన వ్యవస్థను వంటి కీలక అంశాలపై దృష్టి సారించి అభివృద్ధిని కొనసాగిస్తున్నాం అన్నారు. సూపర్ 6 కార్యక్రమాలను అమలు చేస్తున్నాం.. ప్రతిపక్షాలు చేస్తున్న ఆరోపణలకు మేం సవాల్ చేస్తున్నాం.. డిబేట్‌కు రెడీ.. ప్రభుత్వం పాలనలో స్పష్టమైన మార్పు కనిపిస్తోంది. ఎక్కువ అండగా కేంద్రం నిలబడుతుంది.. ప్రజలకు పథకాలు సరిగ్గా అందించామని గుర్తించి కేంద్రం సహకరిస్తోందన్నారు.కొన్ని ఛాలెంజెస్ పాలనలో ఉన్నాయి.. గతంలో వ్యవస్థలను దుర్వినియోగం చేసి అరాచక పాలన చేశారు.. గాడితప్పిన వ్యవస్థను వంటి కీలక అంశాలపై దృష్టి సారించి అభివృద్ధిని కొనసాగిస్తున్నాం అన్నారు. సూపర్ 6 కార్యక్రమాలను అమలు చేస్తున్నాం.. ప్రతిపక్షాలు చేస్తున్న ఆరోపణలకు మేం సవాల్ చేస్తున్నాం.. డిబేట్‌కు రెడీ.. ప్రభుత్వం పాలనలో స్పష్టమైన మార్పు కనిపిస్తోంది. ఎక్కువ అండగా కేంద్రం నిలబడుతుంది.. ప్రజలకు పథకాలు సరిగ్గా అందించామని గుర్తించి కేంద్రం సహకరిస్తోందన్నారు.కొన్ని ఛాలెంజెస్ పాలనలో ఉన్నాయి.. గతంలో వ్యవస్థలను దుర్వినియోగం చేసి అరాచక పాలన చేశారు.. గాడితప్పిన వ్యవస్థను వంటి కీలక అంశాలపై దృష్టి సారించి అభివృద్ధిని కొనసాగిస్తున్నాం అన్నారు. సూపర్ 6 కార్యక్రమాలను అమలు చేస్తున్నాం.. ప్రతిపక్షాలు చేస్తున్న ఆరోపణలకు మేం సవాల్ చేస్తున్నాం.. డిబేట్‌కు రెడీ.. ప్రభుత్వం పాలనలో స్పష్టమైన మార్పు కనిపిస్తోంది. ఎక్కువ అండగా కేంద్రం నిలబడుతుంది.. ప్రజలకు పథకాలు సరిగ్గా అందించామని గుర్తించి కేంద్రం సహకరిస్తోందన్నారు.కొన్ని ఛాలెంజెస్ పాలనలో ఉన్నాయి.. గతంలో వ్యవస్థలను దుర్వినియోగం చేసి అరాచక పాలన చేశారు.. గాడితప్పిన వ్యవస్థను వంటి కీలక అంశాలపై దృష్టి సారించి అభివృద్ధిని కొనసాగిస్తున్నాం అన్నారు. సూపర్ 6 కార్యక్రమాలను అమలు చేస్తున్నాం.. ప్రతిపక్షాలు చేస్తున్న ఆరోపణలకు మేం సవాల్ చేస్తున్నాం.. డిబేట్‌కు
కేబినెట్ నిర్ణయం మేరకే కాళేశ్వరం
గురించి కమిషన్ ఆరా తీసింది. కొత్త రాష్ట్రంలో నిధులను దృష్టిలో ఉంచుకొని కార్పొరేషన్ ఏర్పాటు చేసినట్లు- కేసీఆర్ తెలిపారు. ప్రాజెక్టు వేగంగా పూర్తి చేసేందుకే ఈ నిర్ణయం తీసుకున్నట్లు- వివరించారు. కేసీఆర్ వివరణ ఇచ్చారు. కేబినెట్ ఆమోదంతోనే ప్రభుత్వం అన్ని నిర్ణయాలు తీసుకుందన్నారు. స్థల మార్పు నీటి లభ్యత, కాళేశ్వరం నిర్మాణంపై వ్యాప్కోస్ నివేదిక ఇచ్చిందని కమిషన్‌కు చెప్పారు. లైఫ్ లైన్ కాళేశ్వరం పుస్తకాన్ని కమిషన్‌కు గురించి కమిషన్ ఆరా తీసింది. కొత్త రాష్ట్రంలో నిధులను దృష్టిలో ఉంచుకొని కార్పొరేషన్ ఏర్పాటు చేసినట్లు- కేసీఆర్ తెలిపారు. ప్రాజెక్టు వేగంగా పూర్తి చేసేందుకే ఈ నిర్ణయం తీసుకున్నట్లు- వివరించారు. కేసీఆర్ వివరణ ఇచ్చారు. కేబినెట్ ఆమోదంతోనే ప్రభుత్వం అన్ని నిర్ణయాలు తీసుకుందన్నారు. స్థల మార్పు నీటి లభ్యత, కాళేశ్వరం నిర్మాణంపై వ్యాప్కోస్ నివేదిక ఇచ్చిందని కమిషన్‌కు చెప్పారు. లైఫ్ లైన్ కాళేశ్వరం పుస్తకాన్ని కమిషన్‌కు గురించి కమిషన్ ఆరా తీసింది. కొత్త రాష్ట్రంలో నిధులను దృష్టిలో ఉంచుకొని కార్పొరేషన్ ఏర్పాటు చేసినట్లు- కేసీఆర్ తెలిపారు. ప్రాజెక్టు వేగంగా పూర్తి చేసేందుకే ఈ నిర్ణయం తీసుకున్నట్లు- వివరించారు. కేసీఆర్ వివరణ ఇచ్చారు. కేబినెట్ ఆమోదంతోనే ప్రభుత్వం అన్ని నిర్ణయాలు తీసుకుందన్నారు. స్థల మార్పు నీటి లభ్యత, కాళేశ్వరం నిర్మాణంపై వ్యాప్కోస్ నివేదిక ఇచ్చిందని కమిషన్‌కు చెప్పారు. లైఫ్ లైన్ కాళేశ్వరం పుస్తకాన్ని కమిషన్‌కు గురించి కమిషన్ ఆరా తీసింది. కొత్త రాష్ట్రంలో నిధులను దృష్టిలో ఉంచుకొని కార్పొరేషన్ ఏర్పాటు చేసినట్లు- కేసీఆర్ తెలిపారు. ప్రాజెక్టు వేగంగా పూర్తి చేసేందుకే ఈ నిర్ణయం తీసుకున్నట్లు- వివరించారు. కేసీఆర్ వివరణ ఇచ్చారు. కేబినెట్ ఆమోదంతోనే ప్రభుత్వం అన్ని నిర్ణయాలు తీసుకుందన్నారు. స్థల మార్పు నీటి లభ్యత, కాళేశ్వరం నిర్మాణంపై వ్యాప్కోస్ నివేదిక ఇచ్చిందని కమిషన్‌కు చెప్పారు. లైఫ్ లైన్ కాళేశ్వరం పుస్తకాన్ని కమిషన్‌కు గురించి కమిషన్ ఆరా తీసింది. కొత్త రాష్ట్రంలో నిధులను దృష్టిలో ఉంచుకొని కార్పొరేషన్ ఏర్పాటు చేసినట్లు- కేసీఆర్ తెలిపారు. ప్రాజెక్టు వేగంగా పూర్తి చేసేందుకే ఈ నిర్ణయం తీసుకున్నట్లు- వివరించారు. కేసీఆర్ వివరణ ఇచ్చారు. కేబినెట్ ఆమోదంతోనే ప్రభుత్వం అన్ని నిర్ణయాలు తీసుకుందన్నారు. స్థల మార్పు నీటి లభ్యత, కాళేశ్వరం నిర్మాణంపై వ్యాప్కోస్ నివేదిక ఇచ్చిందని కమిషన్‌కు చెప్పారు. లైఫ్ లైన్ కాళేశ్వరం పుస్తకాన్ని కమిషన్‌కు గురించి కమిషన్ ఆరా తీసింది. కొత్త రాష్ట్రంలో నిధులను దృష్టిలో ఉంచుకొని కార్పొరేషన్ ఏర్పాటు చేసినట్లు- కేసీఆర్ తెలిపారు. ప్రాజెక్టు వేగంగా పూర్తి చేసేందుకే ఈ నిర్ణయం తీసుకున్నట్లు- వివరించారు. కేసీఆర్ వివరణ ఇచ్చారు. కేబినెట్ ఆమోదంతోనే ప్రభుత్వం అన్ని నిర్ణయాలు తీసుకుందన్నారు. స్థల మార్పు నీటి లభ్యత, కాళేశ్వరం నిర్మాణంపై వ్యాప్కోస్ నివేదిక ఇచ్చిందని కమిషన్‌కు చెప్పారు. లైఫ్ లైన్ కాళేశ్వరం పుస్తకాన్ని కమిషన్‌కు గురించి కమిషన్ ఆరా తీసింది. కొత్త రాష్ట్రంలో నిధులను దృష్టిలో ఉంచుకొని కార్పొరేషన్ ఏర్పాటు చేసినట్లు- కేసీఆర్ తెలిపారు. ప్రాజెక్టు వేగంగా పూర్తి చేసేందుకే ఈ నిర్ణయం తీసుకున్నట్లు- వివరించారు. కేసీఆర్ వివరణ ఇచ్చారు. కేబినెట్ ఆమోదంతోనే ప్రభుత్వం అన్ని నిర్ణయాలు తీసుకుందన్నారు. స్థల మార్పు నీటి లభ్యత, కాళేశ్వరం నిర్మాణంపై వ్యాప్కోస్ నివేదిక ఇచ్చిందని కమిషన్‌కు చెప్పారు. లైఫ్ లైన్ కాళేశ్వరం పుస్తకాన్ని కమిషన్‌కు గురించి కమిషన్ ఆరా తీసింది. కొత్త రాష్ట్రంలో నిధులను దృష్టిలో ఉంచుకొని కార్పొరేషన్ ఏర్పాటు చేసినట్లు- కేసీఆర్ తెలిపారు. ప్రాజెక్టు వేగంగా పూర్తి చేసేందుకే ఈ నిర్ణయం తీసుకున్నట్లు- వివరించారు. కేసీఆర్ వివరణ ఇచ్చారు. కేబినెట్ ఆమోదంతోనే ప్రభుత్వం అన్ని నిర్ణయాలు తీసుకుందన్నారు. స్థల మార్పు నీటి లభ్యత, కాళేశ్వరం నిర్మాణంపై వ్యాప్కోస్ నివేదిక ఇచ్చిందని కమిషన్‌కు చెప్పారు. లైఫ్ లైన్ కాళేశ్వరం పుస్తకాన్ని కమిషన్‌కు గురించి కమిషన్ ఆరా తీసింది. కొత్త రాష్ట్రంలో నిధులను దృష్టిలో ఉంచుకొని కార్పొరేషన్ ఏర్పాటు చేసినట్లు- కేసీఆర్ తెలిపారు. ప్రాజెక్టు వేగంగా పూర్తి చేసేందుకే ఈ నిర్ణయం తీసుకున్నట్లు- వివరించారు. కేసీఆర్ వివరణ ఇచ్చారు. కేబినెట్ ఆమోదంతోనే ప్రభుత్వం అన్ని నిర్ణయాలు తీసుకుందన్నారు. స్థల మార్పు నీటి లభ్యత, కాళేశ్వరం నిర్మాణంపై వ్యాప్కోస్ నివేదిక ఇచ్చిందని కమిషన్‌కు చెప్పారు. లైఫ్ లైన్ కాళేశ్వరం పుస్తకాన్ని కమిషన్‌కు గురించి కమిషన్ ఆరా తీసింది. కొత్త రాష్ట్రంలో నిధులను దృష్టిలో ఉంచుకొని కార్పొరేషన్ ఏర్పాటు చేసినట్లు- కేసీఆర్ తెలిపారు. ప్రాజెక్టు వేగంగా పూర్తి చేసేందుకే ఈ నిర్ణయం తీసుకున్నట్లు- వివరించారు. కేసీఆర్ వివరణ ఇచ్చారు. కేబినెట్ ఆమోదంతోనే ప్రభుత్వం అన్ని
గురించి కమిషన్ ఆరా తీసింది. కొత్త రాష్ట్రంలో నిధులను దృష్టిలో ఉంచుకొని కార్పొరేషన్ ఏర్పాటు చేసినట్లు- కేసీఆర్ తెలిపారు. ప్రాజెక్టు వేగంగా పూర్తి చేసేందుకే ఈ నిర్ణయం తీసుకున్నట్లు- వివరించారు. కేసీఆర్ వివరణ ఇచ్చారు. కేబినెట్ ఆమోదంతోనే ప్రభుత్వం అన్ని నిర్ణయాలు తీసుకుందన్నారు. స్థల మార్పు నీటి లభ్యత, కాళేశ్వరం నిర్మాణంపై వ్యాప్కోస్ నివేదిక ఇచ్చిందని కమిషన్‌కు చెప్పారు. లైఫ్ లైన్ కాళేశ్వరం పుస్తకాన్ని కమిషన్‌కు గురించి కమిషన్ ఆరా తీసింది. కొత్త రాష్ట్రంలో నిధులను దృష్టిలో ఉంచుకొని కార్పొరేషన్ ఏర్పాటు చేసినట్లు- కేసీఆర్ తెలిపారు. ప్రాజెక్టు వేగంగా పూర్తి చేసేందుకే ఈ నిర్ణయం తీసుకున్నట్లు- వివరించారు. కేసీఆర్ వివరణ ఇచ్చారు. కేబినెట్ ఆమోదంతోనే ప్రభుత్వం అన్ని నిర్ణయాలు తీసుకుందన్నారు. స్థల మార్పు నీటి లభ్యత, కాళేశ్వరం నిర్మాణంపై వ్యాప్కోస్ నివేదిక ఇచ్చిందని కమిషన్‌కు చెప్పారు. లైఫ్ లైన్ కాళేశ్వరం పుస్తకాన్ని కమిషన్‌కు గురించి కమిషన్ ఆరా తీసింది. కొత్త రాష్ట్రంలో నిధులను దృష్టిలో ఉంచుకొని కార్పొరేషన్ ఏర్పాటు చేసినట్లు- కేసీఆర్ తెలిపారు. ప్రాజెక్టు వేగంగా పూర్తి చేసేందుకే ఈ నిర్ణయం తీసుకున్నట్లు- వివరించారు. కేసీఆర్ వివరణ ఇచ్చారు. కేబినెట్ ఆమోదంతోనే ప్రభుత్వం అన్ని నిర్ణయాలు తీసుకుందన్నారు. స్థల మార్పు నీటి లభ్యత, కాళేశ్వరం నిర్మాణంపై వ్యాప్కోస్ నివేదిక ఇచ్చిందని కమిషన్‌కు చెప్పారు. లైఫ్ లైన్ కాళేశ్వరం పుస్తకాన్ని కమిషన్‌కు గురించి కమిషన్ ఆరా తీసింది. కొత్త రాష్ట్రంలో నిధులను దృష్టిలో
